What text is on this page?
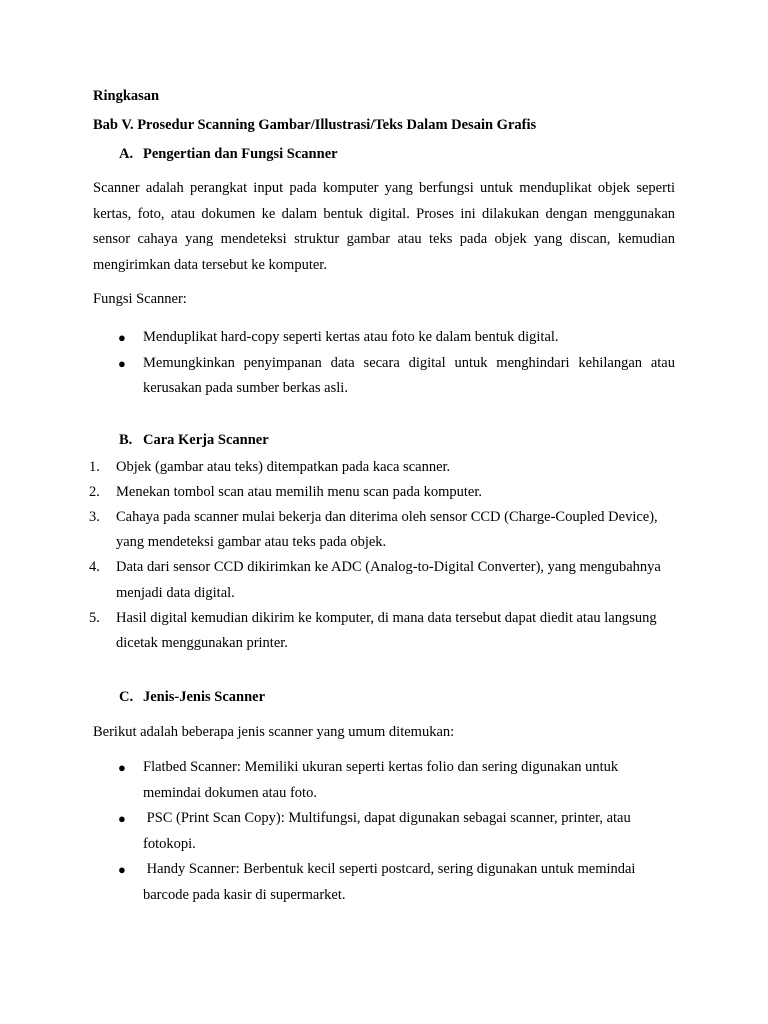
Ringkasan

Bab V. Prosedur Scanning Gambar/Illustrasi/Teks Dalam Desain Grafis

A. Pengertian dan Fungsi Scanner

Scanner adalah perangkat input pada komputer yang berfungsi untuk menduplikat objek seperti kertas, foto, atau dokumen ke dalam bentuk digital. Proses ini dilakukan dengan menggunakan sensor cahaya yang mendeteksi struktur gambar atau teks pada objek yang discan, kemudian mengirimkan data tersebut ke komputer.

Fungsi Scanner:

● Menduplikat hard-copy seperti kertas atau foto ke dalam bentuk digital.
● Memungkinkan penyimpanan data secara digital untuk menghindari kehilangan atau kerusakan pada sumber berkas asli.

B. Cara Kerja Scanner

1. Objek (gambar atau teks) ditempatkan pada kaca scanner.
2. Menekan tombol scan atau memilih menu scan pada komputer.
3. Cahaya pada scanner mulai bekerja dan diterima oleh sensor CCD (Charge-Coupled Device), yang mendeteksi gambar atau teks pada objek.
4. Data dari sensor CCD dikirimkan ke ADC (Analog-to-Digital Converter), yang mengubahnya menjadi data digital.
5. Hasil digital kemudian dikirim ke komputer, di mana data tersebut dapat diedit atau langsung dicetak menggunakan printer.

C. Jenis-Jenis Scanner

Berikut adalah beberapa jenis scanner yang umum ditemukan:

● Flatbed Scanner: Memiliki ukuran seperti kertas folio dan sering digunakan untuk memindai dokumen atau foto.
● PSC (Print Scan Copy): Multifungsi, dapat digunakan sebagai scanner, printer, atau fotokopi.
● Handy Scanner: Berbentuk kecil seperti postcard, sering digunakan untuk memindai barcode pada kasir di supermarket.
